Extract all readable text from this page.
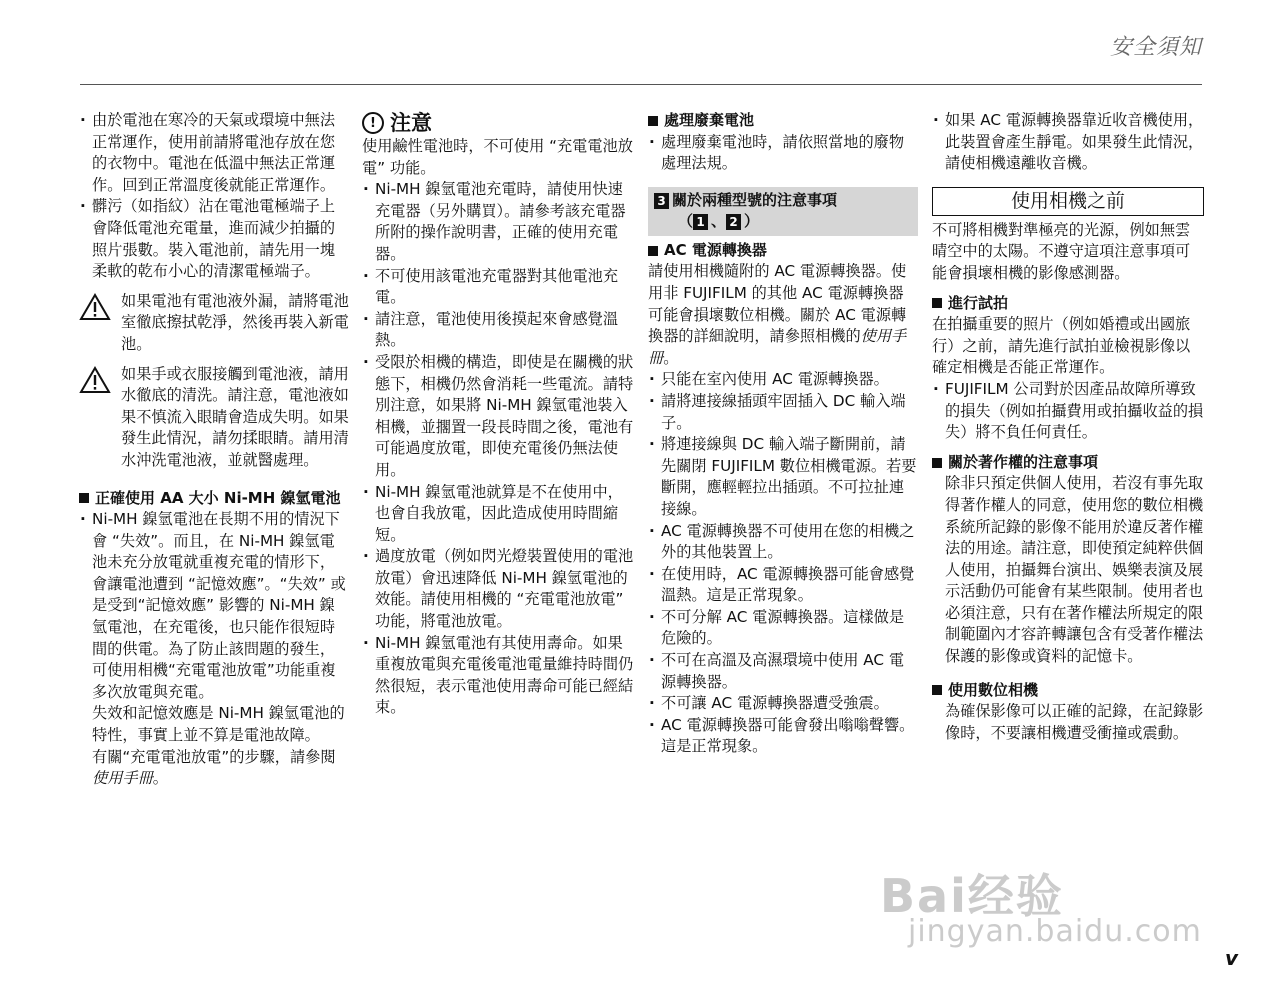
安全須知

· 由於電池在寒冷的天氣或環境中無法正常運作，使用前請將電池存放在您的衣物中。電池在低溫中無法正常運作。回到正常溫度後就能正常運作。

· 髒污（如指紋）沾在電池電極端子上會降低電池充電量，進而減少拍攝的照片張數。裝入電池前，請先用一塊柔軟的乾布小心的清潔電極端子。

如果電池有電池液外漏，請將電池室徹底擦拭乾淨，然後再裝入新電池。

如果手或衣服接觸到電池液，請用水徹底的清洗。請注意，電池液如果不慎流入眼睛會造成失明。如果發生此情況，請勿揉眼睛。請用清水沖洗電池液，並就醫處理。

正確使用 AA 大小 Ni-MH 鎳氫電池

· Ni-MH 鎳氫電池在長期不用的情況下會 “失效”。而且，在 Ni-MH 鎳氫電池未充分放電就重複充電的情形下，會讓電池遭到 “記憶效應”。“失效” 或是受到“記憶效應” 影響的 Ni-MH 鎳氫電池，在充電後，也只能作很短時間的供電。為了防止該問題的發生，可使用相機“充電電池放電”功能重複多次放電與充電。

失效和記憶效應是 Ni-MH 鎳氫電池的特性，事實上並不算是電池故障。

有關“充電電池放電”的步驟，請參閱使用手冊。

! 注意

使用鹼性電池時，不可使用 “充電電池放電” 功能。

· Ni-MH 鎳氫電池充電時，請使用快速充電器（另外購買）。請參考該充電器所附的操作說明書，正確的使用充電器。

· 不可使用該電池充電器對其他電池充電。

· 請注意，電池使用後摸起來會感覺溫熱。

· 受限於相機的構造，即使是在關機的狀態下，相機仍然會消耗一些電流。請特別注意，如果將 Ni-MH 鎳氫電池裝入相機，並擱置一段長時間之後，電池有可能過度放電，即使充電後仍無法使用。

· Ni-MH 鎳氫電池就算是不在使用中，也會自我放電，因此造成使用時間縮短。

· 過度放電（例如閃光燈裝置使用的電池放電）會迅速降低 Ni-MH 鎳氫電池的效能。請使用相機的 “充電電池放電” 功能，將電池放電。

· Ni-MH 鎳氫電池有其使用壽命。如果重複放電與充電後電池電量維持時間仍然很短，表示電池使用壽命可能已經結束。

處理廢棄電池

· 處理廢棄電池時，請依照當地的廢物處理法規。

3 關於兩種型號的注意事項
（ 1 、 2 ）
AC 電源轉換器

請使用相機隨附的 AC 電源轉換器。使用非 FUJIFILM 的其他 AC 電源轉換器可能會損壞數位相機。關於 AC 電源轉換器的詳細說明，請參照相機的使用手冊。

· 只能在室內使用 AC 電源轉換器。

· 請將連接線插頭牢固插入 DC 輸入端子。

· 將連接線與 DC 輸入端子斷開前，請先關閉 FUJIFILM 數位相機電源。若要斷開，應輕輕拉出插頭。不可拉扯連接線。

· AC 電源轉換器不可使用在您的相機之外的其他裝置上。

· 在使用時，AC 電源轉換器可能會感覺溫熱。這是正常現象。

· 不可分解 AC 電源轉換器。這樣做是危險的。

· 不可在高溫及高濕環境中使用 AC 電源轉換器。

· 不可讓 AC 電源轉換器遭受強震。

· AC 電源轉換器可能會發出嗡嗡聲響。這是正常現象。

· 如果 AC 電源轉換器靠近收音機使用，此裝置會產生靜電。如果發生此情況，請使相機遠離收音機。

使用相機之前

不可將相機對準極亮的光源，例如無雲晴空中的太陽。不遵守這項注意事項可能會損壞相機的影像感測器。

進行試拍

在拍攝重要的照片（例如婚禮或出國旅行）之前，請先進行試拍並檢視影像以確定相機是否能正常運作。

· FUJIFILM 公司對於因產品故障所導致的損失（例如拍攝費用或拍攝收益的損失）將不負任何責任。

關於著作權的注意事項

除非只預定供個人使用，若沒有事先取得著作權人的同意，使用您的數位相機系統所記錄的影像不能用於違反著作權法的用途。請注意，即使預定純粹供個人使用，拍攝舞台演出、娛樂表演及展示活動仍可能會有某些限制。使用者也必須注意，只有在著作權法所規定的限制範圍內才容許轉讓包含有受著作權法保護的影像或資料的記憶卡。

使用數位相機

為確保影像可以正確的記錄，在記錄影像時，不要讓相機遭受衝撞或震動。

Bai经验
jingyan.baidu.com
v
